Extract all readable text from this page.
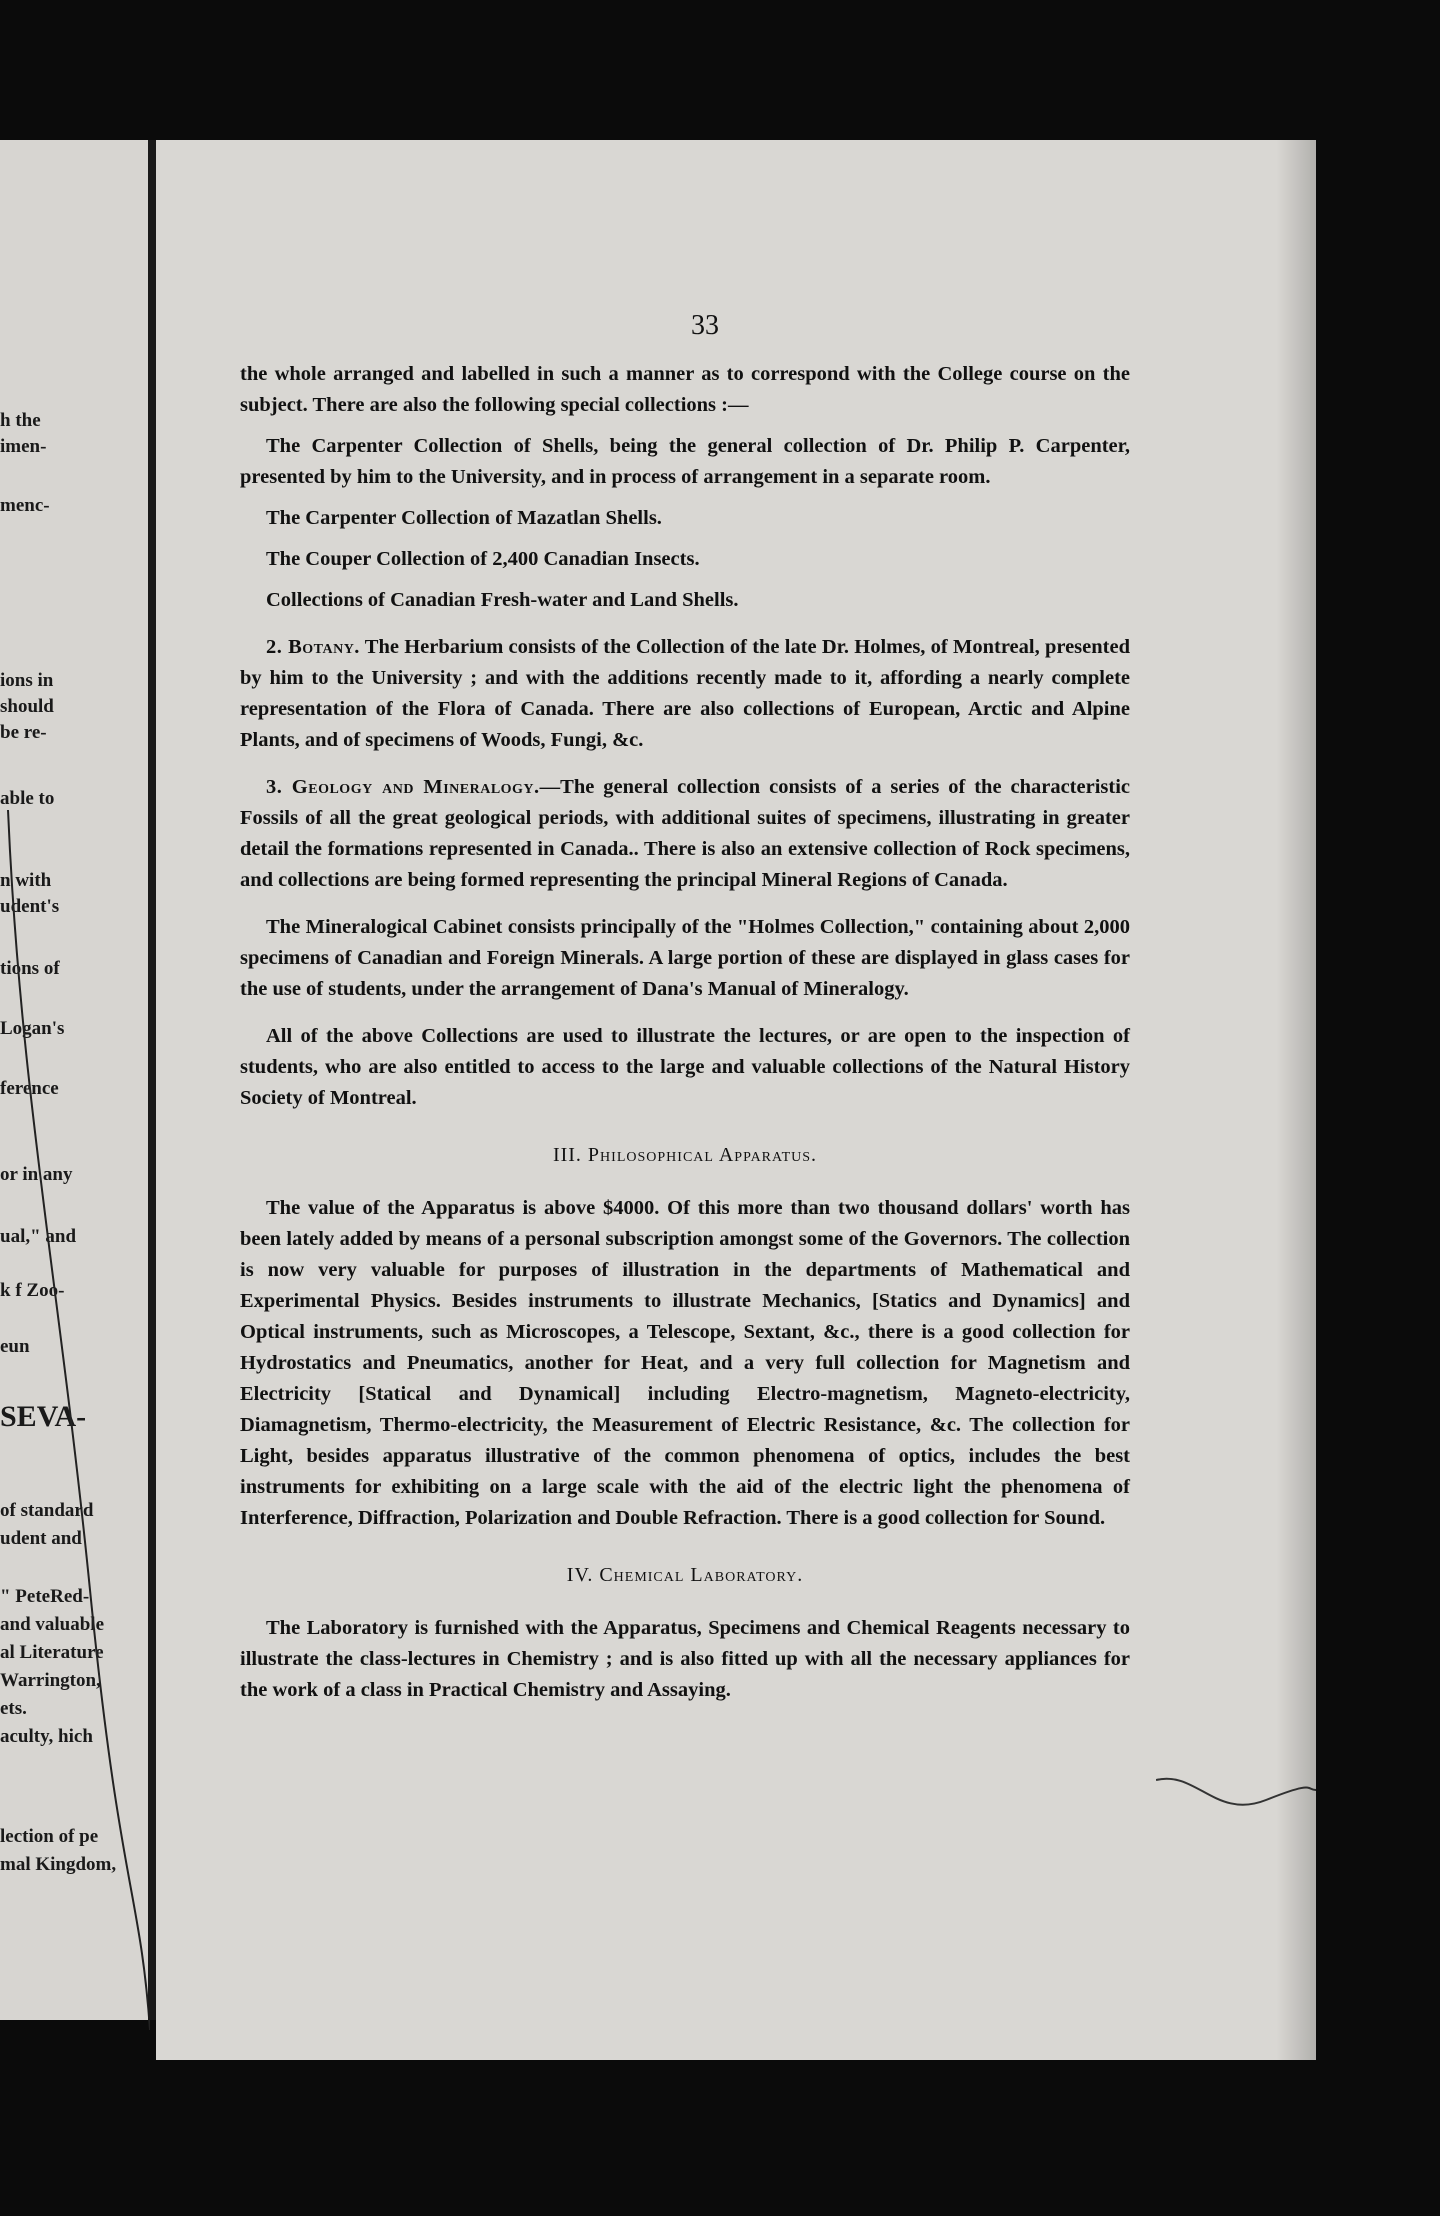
h the
imen-
menc-
ions in
should
be re-
able to
n with
udent's
tions of
Logan's
ference
or in any
ual," and
k f Zoo-
eun
SEVA-
of standard
udent and
" PeteRed-
and valuable
al Literature
Warrington,
ets.
aculty, hich
lection of pe
mal Kingdom,
33

the whole arranged and labelled in such a manner as to correspond with the College course on the subject. There are also the following special collections :—

The Carpenter Collection of Shells, being the general collection of Dr. Philip P. Carpenter, presented by him to the University, and in process of arrangement in a separate room.

The Carpenter Collection of Mazatlan Shells.

The Couper Collection of 2,400 Canadian Insects.

Collections of Canadian Fresh-water and Land Shells.

2. Botany. The Herbarium consists of the Collection of the late Dr. Holmes, of Montreal, presented by him to the University ; and with the additions recently made to it, affording a nearly complete representation of the Flora of Canada. There are also collections of European, Arctic and Alpine Plants, and of specimens of Woods, Fungi, &c.

3. Geology and Mineralogy.—The general collection consists of a series of the characteristic Fossils of all the great geological periods, with additional suites of specimens, illustrating in greater detail the formations represented in Canada.. There is also an extensive collection of Rock specimens, and collections are being formed representing the principal Mineral Regions of Canada.

The Mineralogical Cabinet consists principally of the "Holmes Collection," containing about 2,000 specimens of Canadian and Foreign Minerals. A large portion of these are displayed in glass cases for the use of students, under the arrangement of Dana's Manual of Mineralogy.

All of the above Collections are used to illustrate the lectures, or are open to the inspection of students, who are also entitled to access to the large and valuable collections of the Natural History Society of Montreal.

III. Philosophical Apparatus.

The value of the Apparatus is above $4000. Of this more than two thousand dollars' worth has been lately added by means of a personal subscription amongst some of the Governors. The collection is now very valuable for purposes of illustration in the departments of Mathematical and Experimental Physics. Besides instruments to illustrate Mechanics, [Statics and Dynamics] and Optical instruments, such as Microscopes, a Telescope, Sextant, &c., there is a good collection for Hydrostatics and Pneumatics, another for Heat, and a very full collection for Magnetism and Electricity [Statical and Dynamical] including Electro-magnetism, Magneto-electricity, Diamagnetism, Thermo-electricity, the Measurement of Electric Resistance, &c. The collection for Light, besides apparatus illustrative of the common phenomena of optics, includes the best instruments for exhibiting on a large scale with the aid of the electric light the phenomena of Interference, Diffraction, Polarization and Double Refraction. There is a good collection for Sound.

IV. Chemical Laboratory.

The Laboratory is furnished with the Apparatus, Specimens and Chemical Reagents necessary to illustrate the class-lectures in Chemistry ; and is also fitted up with all the necessary appliances for the work of a class in Practical Chemistry and Assaying.
